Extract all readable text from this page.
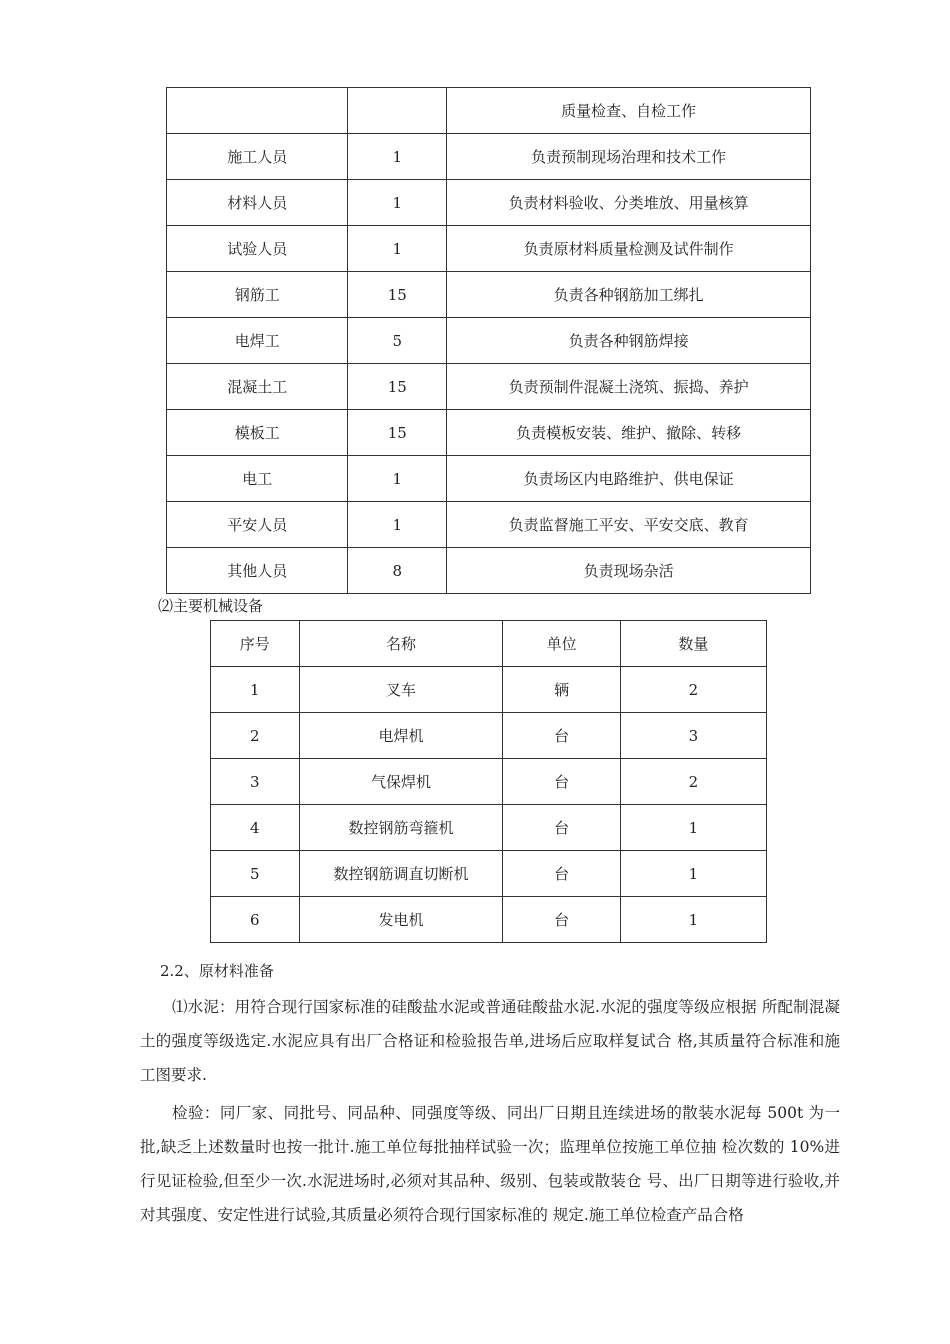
		质量检查、自检工作
施工人员	1	负责预制现场治理和技术工作
材料人员	1	负责材料验收、分类堆放、用量核算
试验人员	1	负责原材料质量检测及试件制作
钢筋工	15	负责各种钢筋加工绑扎
电焊工	5	负责各种钢筋焊接
混凝土工	15	负责预制件混凝土浇筑、振捣、养护
模板工	15	负责模板安装、维护、撤除、转移
电工	1	负责场区内电路维护、供电保证
平安人员	1	负责监督施工平安、平安交底、教育
其他人员	8	负责现场杂活
⑵主要机械设备
序号	名称	单位	数量
1	叉车	辆	2
2	电焊机	台	3
3	气保焊机	台	2
4	数控钢筋弯箍机	台	1
5	数控钢筋调直切断机	台	1
6	发电机	台	1
2.2、原材料准备

⑴水泥：用符合现行国家标准的硅酸盐水泥或普通硅酸盐水泥.水泥的强度等级应根据 所配制混凝土的强度等级选定.水泥应具有出厂合格证和检验报告单,进场后应取样复试合 格,其质量符合标准和施工图要求.

检验：同厂家、同批号、同品种、同强度等级、同出厂日期且连续进场的散装水泥每 500t 为一批,缺乏上述数量时也按一批计.施工单位每批抽样试验一次；监理单位按施工单位抽 检次数的 10%进行见证检验,但至少一次.水泥进场时,必须对其品种、级别、包装或散装仓 号、出厂日期等进行验收,并对其强度、安定性进行试验,其质量必须符合现行国家标准的 规定.施工单位检查产品合格
